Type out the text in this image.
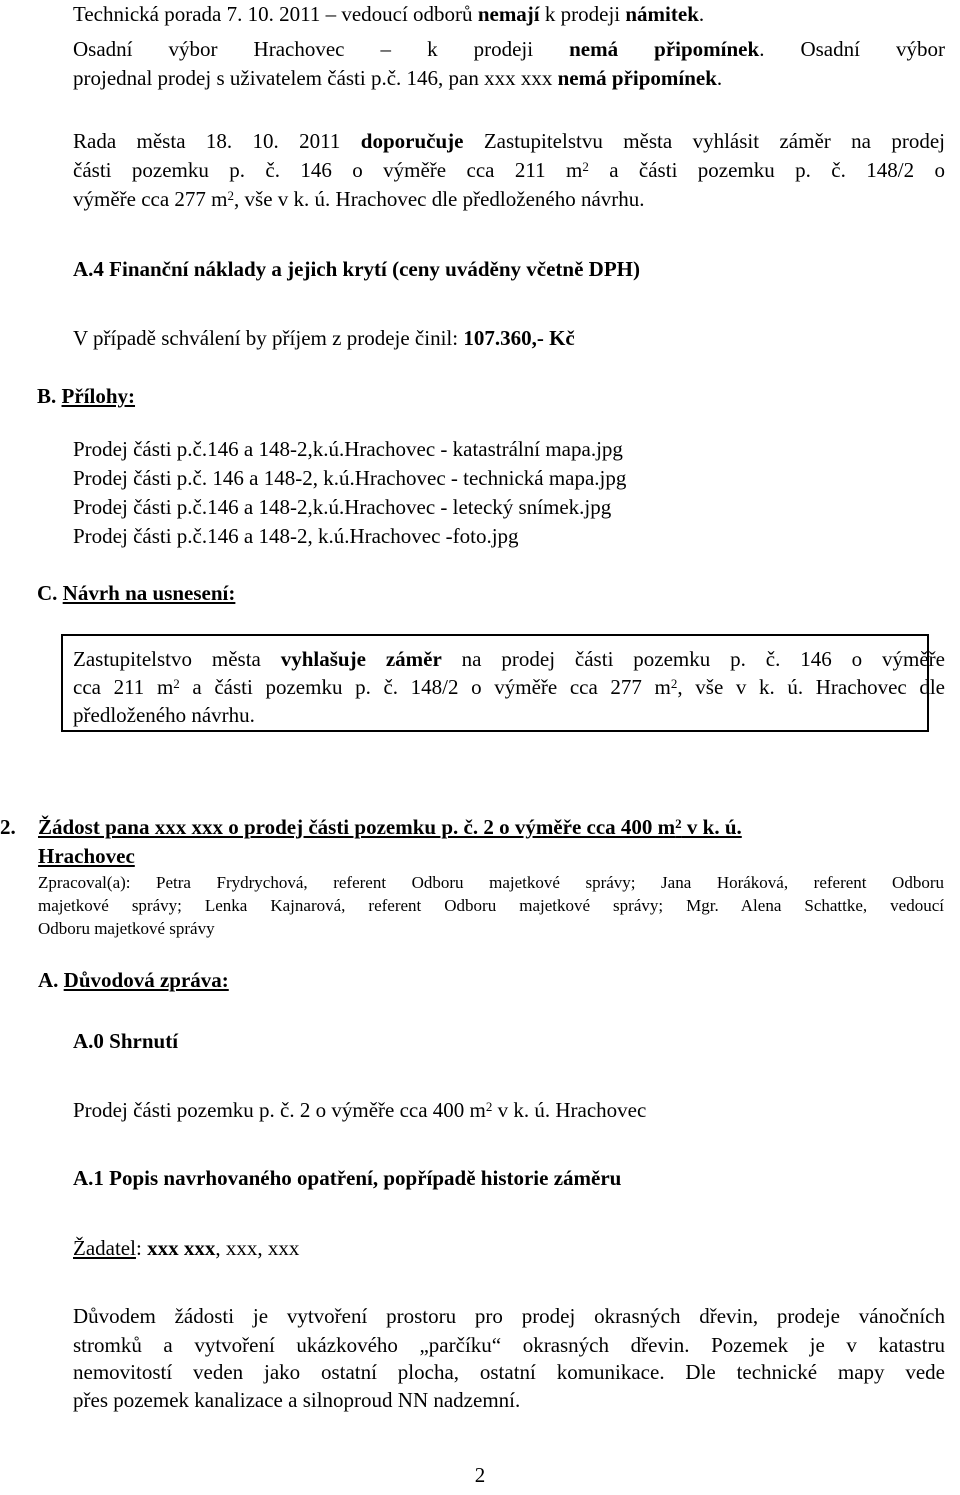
Technická porada 7. 10. 2011 – vedoucí odborů nemají k prodeji námitek.

Osadní výbor Hrachovec – k prodeji nemá připomínek. Osadní výbor

projednal prodej s uživatelem části p.č. 146, pan xxx xxx nemá připomínek.

Rada města 18. 10. 2011 doporučuje Zastupitelstvu města vyhlásit záměr na prodej

části pozemku p. č. 146 o výměře cca 211 $m^2$ a části pozemku p. č. 148/2 o

výměře cca 277 $m^2$, vše v k. ú. Hrachovec dle předloženého návrhu.

A.4 Finanční náklady a jejich krytí (ceny uváděny včetně DPH)

V případě schválení by příjem z prodeje činil: 107.360,- Kč

B. Přílohy:

Prodej části p.č.146 a 148-2,k.ú.Hrachovec - katastrální mapa.jpg

Prodej části p.č. 146 a 148-2, k.ú.Hrachovec - technická mapa.jpg

Prodej části p.č.146 a 148-2,k.ú.Hrachovec - letecký snímek.jpg

Prodej části p.č.146 a 148-2, k.ú.Hrachovec -foto.jpg

C. Návrh na usnesení:

Zastupitelstvo města vyhlašuje záměr na prodej části pozemku p. č. 146 o výměře

cca 211 $m^2$ a části pozemku p. č. 148/2 o výměře cca 277 $m^2$, vše v k. ú. Hrachovec dle

předloženého návrhu.

2.	Žádost pana xxx xxx o prodej části pozemku p. č. 2 o výměře cca 400 $m^2$ v k. ú.

Hrachovec

Zpracoval(a): Petra Frydrychová, referent Odboru majetkové správy; Jana Horáková, referent Odboru

majetkové správy; Lenka Kajnarová, referent Odboru majetkové správy; Mgr. Alena Schattke, vedoucí

Odboru majetkové správy

A. Důvodová zpráva:

A.0 Shrnutí

Prodej části pozemku p. č. 2 o výměře cca 400 $m^2$ v k. ú. Hrachovec

A.1 Popis navrhovaného opatření, popřípadě historie záměru

Žadatel: xxx xxx, xxx, xxx

Důvodem žádosti je vytvoření prostoru pro prodej okrasných dřevin, prodeje vánočních

stromků a vytvoření ukázkového „parčíku“ okrasných dřevin. Pozemek je v katastru

nemovitostí veden jako ostatní plocha, ostatní komunikace. Dle technické mapy vede

přes pozemek kanalizace a silnoproud NN nadzemní.

2
